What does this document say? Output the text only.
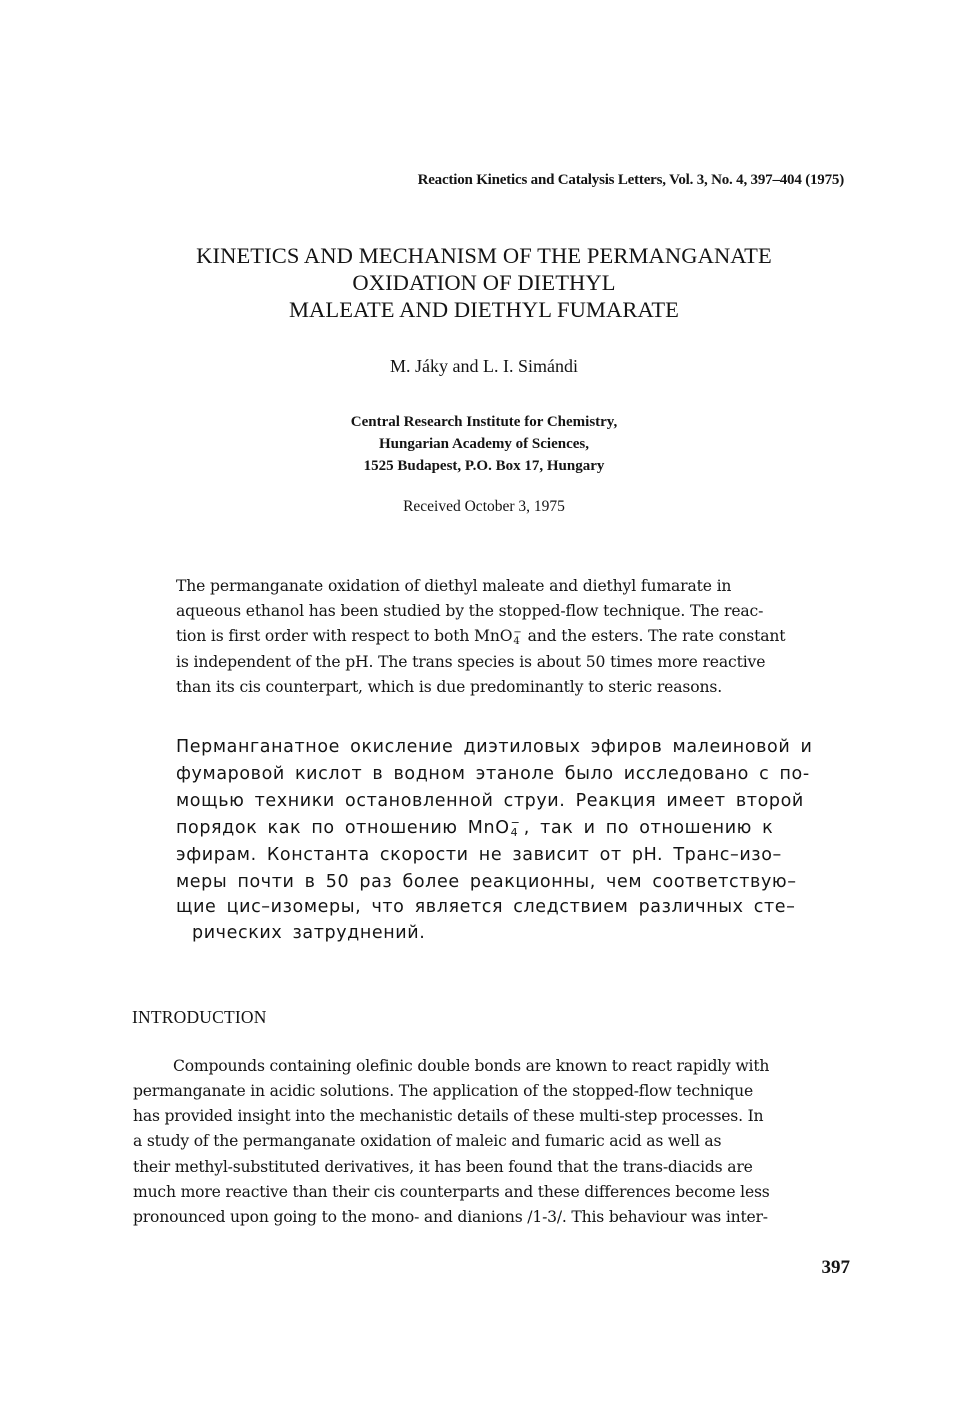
Reaction Kinetics and Catalysis Letters, Vol. 3, No. 4, 397–404 (1975)
KINETICS AND MECHANISM OF THE PERMANGANATE
OXIDATION OF DIETHYL
MALEATE AND DIETHYL FUMARATE
M. Jáky and L. I. Simándi
Central Research Institute for Chemistry,
Hungarian Academy of Sciences,
1525 Budapest, P.O. Box 17, Hungary
Received October 3, 1975
The permanganate oxidation of diethyl maleate and diethyl fumarate in
aqueous ethanol has been studied by the stopped-flow technique. The reac-
tion is first order with respect to both MnO −
4 and the esters. The rate constant
is independent of the pH. The trans species is about 50 times more reactive
than its cis counterpart, which is due predominantly to steric reasons.
Перманганатное окисление диэтиловых эфиров малеиновой и
фумаровой кислот в водном этаноле было исследовано с по-
мощью техники остановленной струи. Реакция имеет второй
порядок как по отношению MnO −
4 , так и по отношению к
эфирам. Константа скорости не зависит от pH. Транс–изо–
меры почти в 50 раз более реакционны, чем соответствую–
щие цис–изомеры, что является следствием различных сте–
рических затруднений.
INTRODUCTION
Compounds containing olefinic double bonds are known to react rapidly with
permanganate in acidic solutions. The application of the stopped-flow technique
has provided insight into the mechanistic details of these multi-step processes. In
a study of the permanganate oxidation of maleic and fumaric acid as well as
their methyl-substituted derivatives, it has been found that the trans-diacids are
much more reactive than their cis counterparts and these differences become less
pronounced upon going to the mono- and dianions /1-3/. This behaviour was inter-
397
